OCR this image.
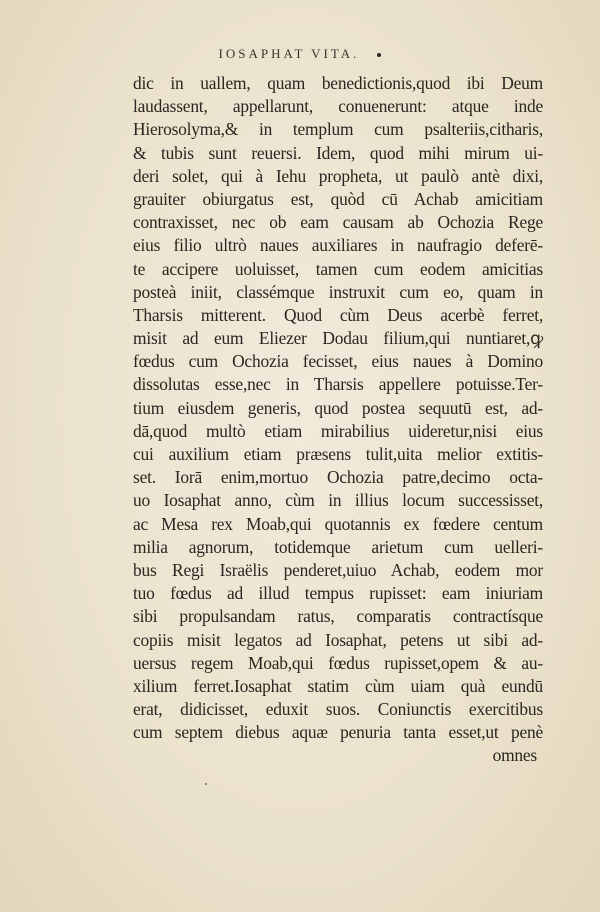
IOSAPHAT VITA.
dic in uallem, quam benedictionis,quod ibi Deum
laudassent, appellarunt, conuenerunt: atque inde
Hierosolyma,& in templum cum psalteriis,citharis,
& tubis sunt reuersi. Idem, quod mihi mirum ui-
deri solet, qui à Iehu propheta, ut paulò antè dixi,
grauiter obiurgatus est, quòd cū Achab amicitiam
contraxisset, nec ob eam causam ab Ochozia Rege
eius filio ultrò naues auxiliares in naufragio deferē-
te accipere uoluisset, tamen cum eodem amicitias
posteà iniit, classémque instruxit cum eo, quam in
Tharsis mitterent. Quod cùm Deus acerbè ferret,
misit ad eum Eliezer Dodau filium,qui nuntiaret,ꝙ
fœdus cum Ochozia fecisset, eius naues à Domino
dissolutas esse,nec in Tharsis appellere potuisse.Ter-
tium eiusdem generis, quod postea sequutū est, ad-
dā,quod multò etiam mirabilius uideretur,nisi eius
cui auxilium etiam præsens tulit,uita melior extitis-
set. Iorā enim,mortuo Ochozia patre,decimo octa-
uo Iosaphat anno, cùm in illius locum successisset,
ac Mesa rex Moab,qui quotannis ex fœdere centum
milia agnorum, totidemque arietum cum uelleri-
bus Regi Israëlis penderet,uiuo Achab, eodem mor
tuo fœdus ad illud tempus rupisset: eam iniuriam
sibi propulsandam ratus, comparatis contractísque
copiis misit legatos ad Iosaphat, petens ut sibi ad-
uersus regem Moab,qui fœdus rupisset,opem & au-
xilium ferret.Iosaphat statim cùm uiam quà eundū
erat, didicisset, eduxit suos. Coniunctis exercitibus
cum septem diebus aquæ penuria tanta esset,ut penè
omnes
